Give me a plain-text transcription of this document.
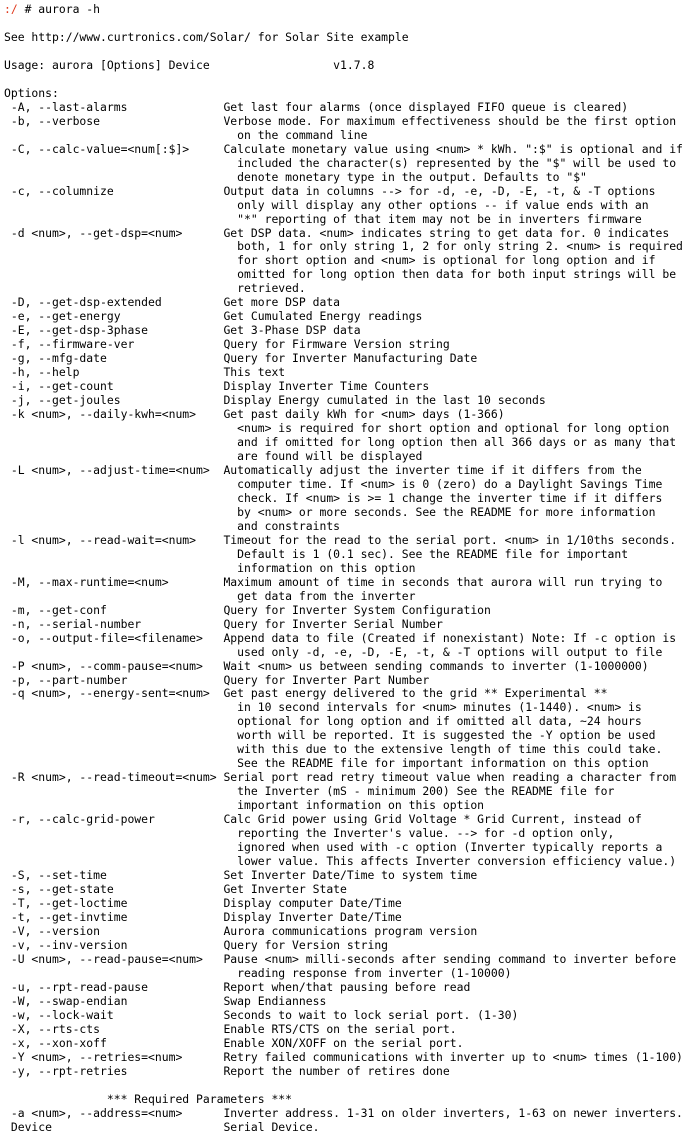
:/ # aurora -h
See http://www.curtronics.com/Solar/ for Solar Site example
Usage: aurora [Options] Device                  v1.7.8
Options:
-A, --last-alarms              Get last four alarms (once displayed FIFO queue is cleared)
-b, --verbose                  Verbose mode. For maximum effectiveness should be the first option
on the command line
-C, --calc-value=<num[:$]>     Calculate monetary value using <num> * kWh. ":$" is optional and if
included the character(s) represented by the "$" will be used to
denote monetary type in the output. Defaults to "$"
-c, --columnize                Output data in columns --> for -d, -e, -D, -E, -t, & -T options
only will display any other options -- if value ends with an
"*" reporting of that item may not be in inverters firmware
-d <num>, --get-dsp=<num>      Get DSP data. <num> indicates string to get data for. 0 indicates
both, 1 for only string 1, 2 for only string 2. <num> is required
for short option and <num> is optional for long option and if
omitted for long option then data for both input strings will be
retrieved.
-D, --get-dsp-extended         Get more DSP data
-e, --get-energy               Get Cumulated Energy readings
-E, --get-dsp-3phase           Get 3-Phase DSP data
-f, --firmware-ver             Query for Firmware Version string
-g, --mfg-date                 Query for Inverter Manufacturing Date
-h, --help                     This text
-i, --get-count                Display Inverter Time Counters
-j, --get-joules               Display Energy cumulated in the last 10 seconds
-k <num>, --daily-kwh=<num>    Get past daily kWh for <num> days (1-366)
<num> is required for short option and optional for long option
and if omitted for long option then all 366 days or as many that
are found will be displayed
-L <num>, --adjust-time=<num>  Automatically adjust the inverter time if it differs from the
computer time. If <num> is 0 (zero) do a Daylight Savings Time
check. If <num> is >= 1 change the inverter time if it differs
by <num> or more seconds. See the README for more information
and constraints
-l <num>, --read-wait=<num>    Timeout for the read to the serial port. <num> in 1/10ths seconds.
Default is 1 (0.1 sec). See the README file for important
information on this option
-M, --max-runtime=<num>        Maximum amount of time in seconds that aurora will run trying to
get data from the inverter
-m, --get-conf                 Query for Inverter System Configuration
-n, --serial-number            Query for Inverter Serial Number
-o, --output-file=<filename>   Append data to file (Created if nonexistant) Note: If -c option is
used only -d, -e, -D, -E, -t, & -T options will output to file
-P <num>, --comm-pause=<num>   Wait <num> us between sending commands to inverter (1-1000000)
-p, --part-number              Query for Inverter Part Number
-q <num>, --energy-sent=<num>  Get past energy delivered to the grid ** Experimental **
in 10 second intervals for <num> minutes (1-1440). <num> is
optional for long option and if omitted all data, ~24 hours
worth will be reported. It is suggested the -Y option be used
with this due to the extensive length of time this could take.
See the README file for important information on this option
-R <num>, --read-timeout=<num> Serial port read retry timeout value when reading a character from
the Inverter (mS - minimum 200) See the README file for
important information on this option
-r, --calc-grid-power          Calc Grid power using Grid Voltage * Grid Current, instead of
reporting the Inverter's value. --> for -d option only,
ignored when used with -c option (Inverter typically reports a
lower value. This affects Inverter conversion efficiency value.)
-S, --set-time                 Set Inverter Date/Time to system time
-s, --get-state                Get Inverter State
-T, --get-loctime              Display computer Date/Time
-t, --get-invtime              Display Inverter Date/Time
-V, --version                  Aurora communications program version
-v, --inv-version              Query for Version string
-U <num>, --read-pause=<num>   Pause <num> milli-seconds after sending command to inverter before
reading response from inverter (1-10000)
-u, --rpt-read-pause           Report when/that pausing before read
-W, --swap-endian              Swap Endianness
-w, --lock-wait                Seconds to wait to lock serial port. (1-30)
-X, --rts-cts                  Enable RTS/CTS on the serial port.
-x, --xon-xoff                 Enable XON/XOFF on the serial port.
-Y <num>, --retries=<num>      Retry failed communications with inverter up to <num> times (1-100)
-y, --rpt-retries              Report the number of retires done
*** Required Parameters ***
-a <num>, --address=<num>      Inverter address. 1-31 on older inverters, 1-63 on newer inverters.
Device                         Serial Device.
